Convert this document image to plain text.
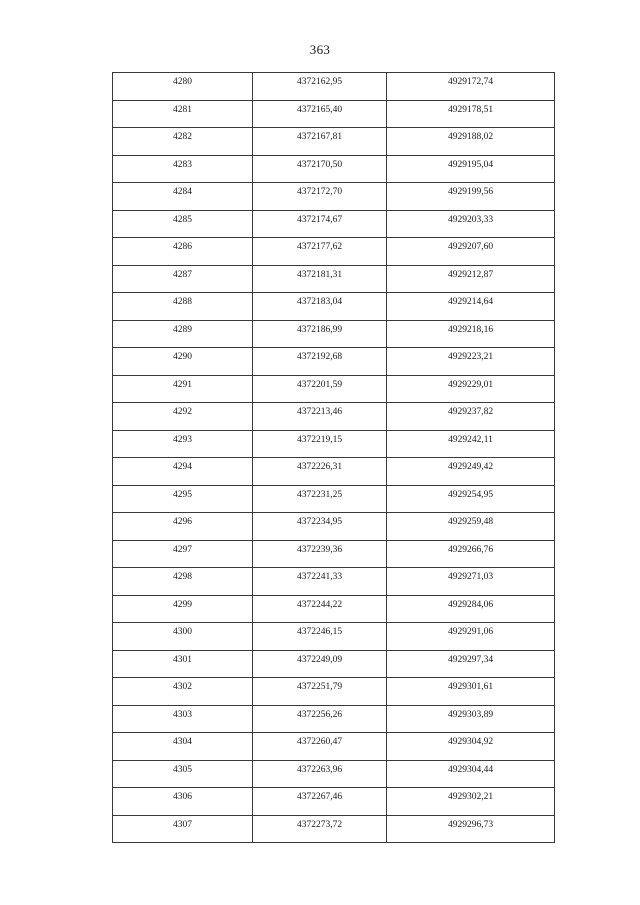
363
4280	4372162,95	4929172,74
4281	4372165,40	4929178,51
4282	4372167,81	4929188,02
4283	4372170,50	4929195,04
4284	4372172,70	4929199,56
4285	4372174,67	4929203,33
4286	4372177,62	4929207,60
4287	4372181,31	4929212,87
4288	4372183,04	4929214,64
4289	4372186,99	4929218,16
4290	4372192,68	4929223,21
4291	4372201,59	4929229,01
4292	4372213,46	4929237,82
4293	4372219,15	4929242,11
4294	4372226,31	4929249,42
4295	4372231,25	4929254,95
4296	4372234,95	4929259,48
4297	4372239,36	4929266,76
4298	4372241,33	4929271,03
4299	4372244,22	4929284,06
4300	4372246,15	4929291,06
4301	4372249,09	4929297,34
4302	4372251,79	4929301,61
4303	4372256,26	4929303,89
4304	4372260,47	4929304,92
4305	4372263,96	4929304,44
4306	4372267,46	4929302,21
4307	4372273,72	4929296,73
